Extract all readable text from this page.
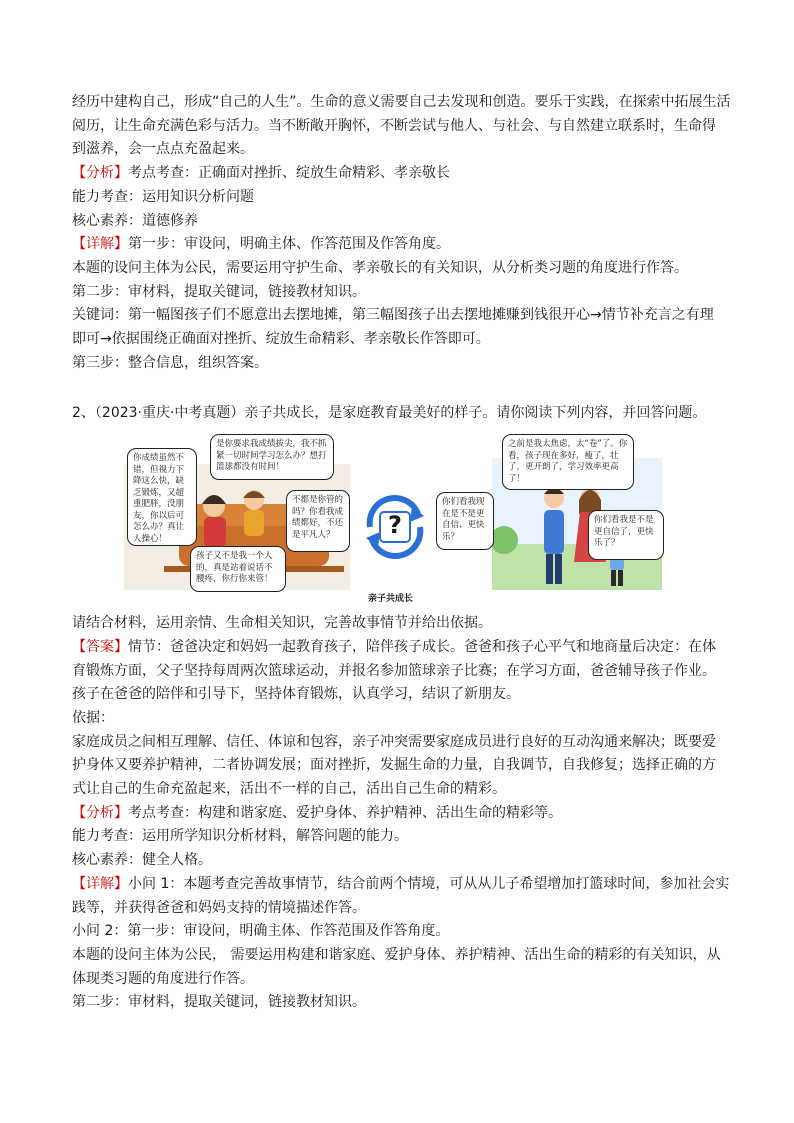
经历中建构自己，形成“自己的人生”。生命的意义需要自己去发现和创造。要乐于实践，在探索中拓展生活
阅历，让生命充满色彩与活力。当不断敞开胸怀，不断尝试与他人、与社会、与自然建立联系时，生命得
到滋养，会一点点充盈起来。
【分析】考点考查：正确面对挫折、绽放生命精彩、孝亲敬长
能力考查：运用知识分析问题
核心素养：道德修养
【详解】第一步：审设问，明确主体、作答范围及作答角度。
本题的设问主体为公民，需要运用守护生命、孝亲敬长的有关知识，从分析类习题的角度进行作答。
第二步：审材料，提取关键词，链接教材知识。
关键词：第一幅图孩子们不愿意出去摆地摊，第三幅图孩子出去摆地摊赚到钱很开心→情节补充言之有理
即可→依据围绕正确面对挫折、绽放生命精彩、孝亲敬长作答即可。
第三步：整合信息，组织答案。
2、（2023·重庆·中考真题）亲子共成长，是家庭教育最美好的样子。请你阅读下列内容，并回答问题。
你成绩虽然不错，但视力下降这么快，缺乏锻炼，又超重肥胖，没朋友，你以后可怎么办？真让人操心！
是你要求我成绩拔尖，我不抓紧一切时间学习怎么办？想打篮球都没有时间！
不都是你管的吗？你看我成绩都好，不还是平凡人？
孩子又不是我一个人的，真是站着说话不腰疼，你行你来管！
?
你们看我现在是不是更自信、更快乐？
之前是我太焦虑，太“卷”了。你看，孩子现在多好，瘦了，壮了，更开朗了，学习效率更高了！
你们看我是不是更自信了，更快乐了？
亲子共成长
请结合材料，运用亲情、生命相关知识，完善故事情节并给出依据。
【答案】情节：爸爸决定和妈妈一起教育孩子，陪伴孩子成长。爸爸和孩子心平气和地商量后决定：在体
育锻炼方面，父子坚持每周两次篮球运动，并报名参加篮球亲子比赛；在学习方面，爸爸辅导孩子作业。
孩子在爸爸的陪伴和引导下，坚持体育锻炼，认真学习，结识了新朋友。
依据：
家庭成员之间相互理解、信任、体谅和包容，亲子冲突需要家庭成员进行良好的互动沟通来解决；既要爱
护身体又要养护精神，二者协调发展；面对挫折，发掘生命的力量，自我调节，自我修复；选择正确的方
式让自己的生命充盈起来，活出不一样的自己，活出自己生命的精彩。
【分析】考点考查：构建和谐家庭、爱护身体、养护精神、活出生命的精彩等。
能力考查：运用所学知识分析材料，解答问题的能力。
核心素养：健全人格。
【详解】小问 1：本题考查完善故事情节，结合前两个情境，可从从儿子希望增加打篮球时间，参加社会实
践等，并获得爸爸和妈妈支持的情境描述作答。
小问 2：第一步：审设问，明确主体、作答范围及作答角度。
本题的设问主体为公民， 需要运用构建和谐家庭、爱护身体、养护精神、活出生命的精彩的有关知识，从
体现类习题的角度进行作答。
第二步：审材料，提取关键词，链接教材知识。
